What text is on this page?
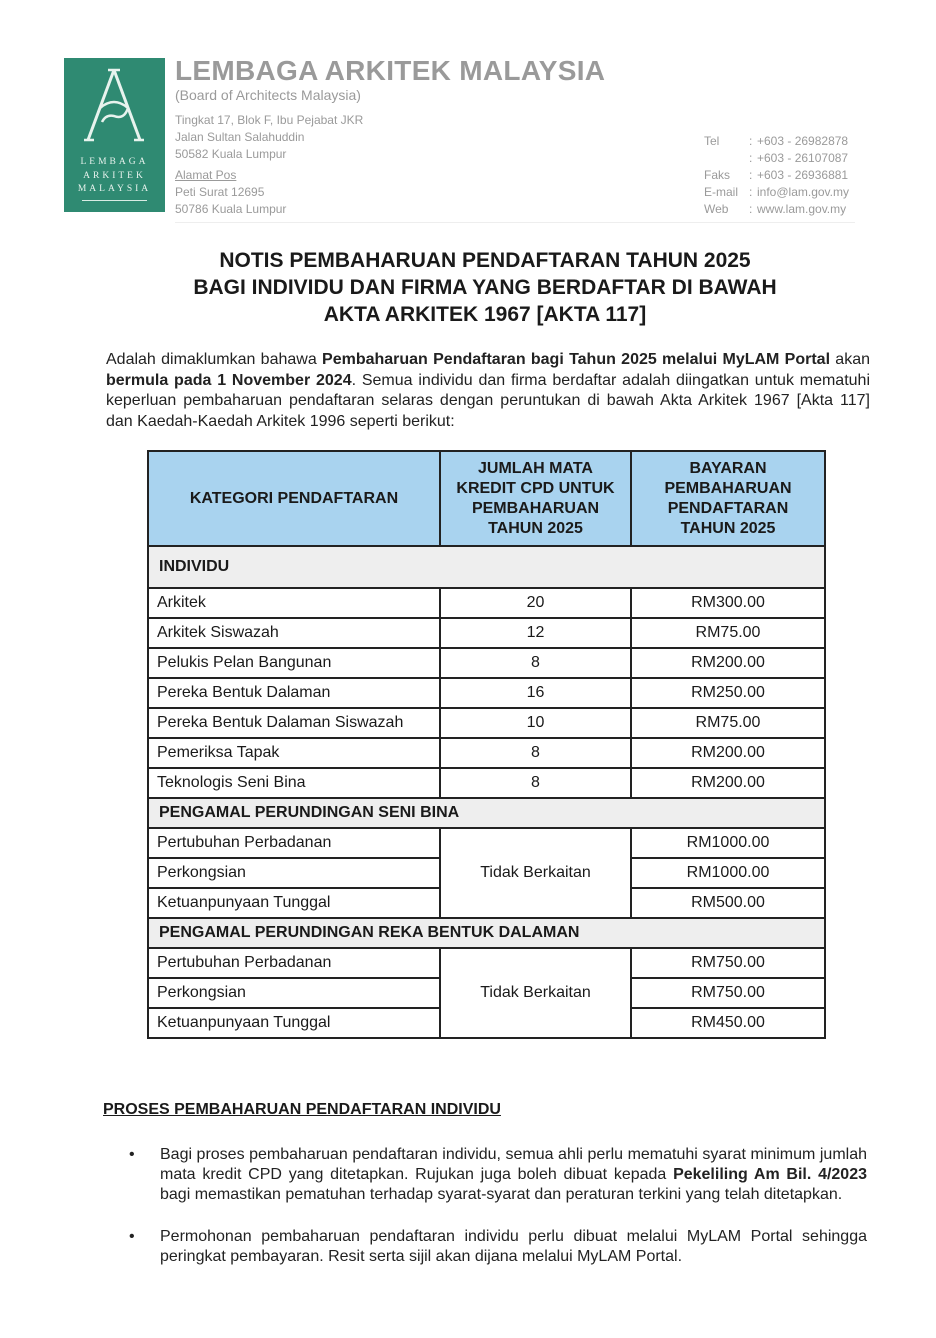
LEMBAGA
ARKITEK
MALAYSIA
LEMBAGA ARKITEK MALAYSIA
(Board of Architects Malaysia)
Tingkat 17, Blok F, Ibu Pejabat JKR
Jalan Sultan Salahuddin
50582 Kuala Lumpur
Alamat Pos
Peti Surat 12695
50786 Kuala Lumpur
Tel	: +603 - 26982878
: +603 - 26107087
Faks	: +603 - 26936881
E-mail : info@lam.gov.my
Web	: www.lam.gov.my
NOTIS PEMBAHARUAN PENDAFTARAN TAHUN 2025
BAGI INDIVIDU DAN FIRMA YANG BERDAFTAR DI BAWAH
AKTA ARKITEK 1967 [AKTA 117]
Adalah dimaklumkan bahawa Pembaharuan Pendaftaran bagi Tahun 2025 melalui MyLAM Portal akan bermula pada 1 November 2024. Semua individu dan firma berdaftar adalah diingatkan untuk mematuhi keperluan pembaharuan pendaftaran selaras dengan peruntukan di bawah Akta Arkitek 1967 [Akta 117] dan Kaedah-Kaedah Arkitek 1996 seperti berikut:
KATEGORI PENDAFTARAN	JUMLAH MATA KREDIT CPD UNTUK PEMBAHARUAN TAHUN 2025	BAYARAN PEMBAHARUAN PENDAFTARAN TAHUN 2025
INDIVIDU		
Arkitek	20	RM300.00
Arkitek Siswazah	12	RM75.00
Pelukis Pelan Bangunan	8	RM200.00
Pereka Bentuk Dalaman	16	RM250.00
Pereka Bentuk Dalaman Siswazah	10	RM75.00
Pemeriksa Tapak	8	RM200.00
Teknologis Seni Bina	8	RM200.00
PENGAMAL PERUNDINGAN SENI BINA		
Pertubuhan Perbadanan	Tidak Berkaitan	RM1000.00
Perkongsian		RM1000.00
Ketuanpunyaan Tunggal		RM500.00
PENGAMAL PERUNDINGAN REKA BENTUK DALAMAN		
Pertubuhan Perbadanan	Tidak Berkaitan	RM750.00
Perkongsian		RM750.00
Ketuanpunyaan Tunggal		RM450.00
PROSES PEMBAHARUAN PENDAFTARAN INDIVIDU
• Bagi proses pembaharuan pendaftaran individu, semua ahli perlu mematuhi syarat minimum jumlah mata kredit CPD yang ditetapkan. Rujukan juga boleh dibuat kepada Pekeliling Am Bil. 4/2023 bagi memastikan pematuhan terhadap syarat-syarat dan peraturan terkini yang telah ditetapkan.
• Permohonan pembaharuan pendaftaran individu perlu dibuat melalui MyLAM Portal sehingga peringkat pembayaran. Resit serta sijil akan dijana melalui MyLAM Portal.
